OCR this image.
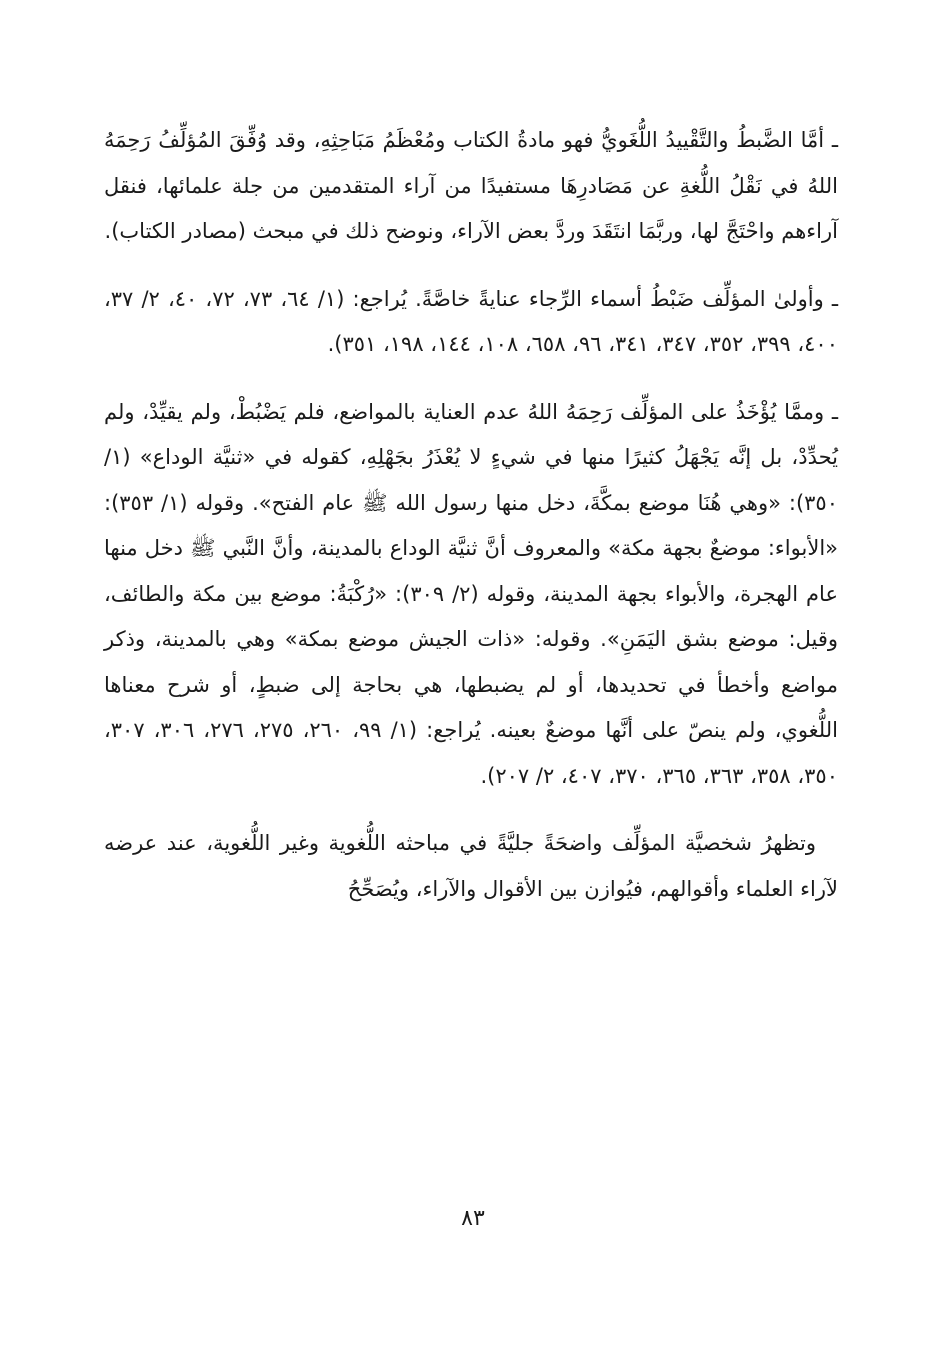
ـ أمَّا الضَّبطُ والتَّقْييدُ اللُّغَويُّ فهو مادةُ الكتاب ومُعْظَمُ مَبَاحِثِهِ، وقد وُفِّقَ المُؤلِّفُ رَحِمَهُ اللهُ في نَقْلُ اللُّغةِ عن مَصَادرِهَا مستفيدًا من آراء المتقدمين من جلة علمائها، فنقل آراءهم واحْتَجَّ لها، وربَّمَا انتَقَدَ وردَّ بعض الآراء، ونوضح ذلك في مبحث (مصادر الكتاب).

ـ وأولىٰ المؤلِّف ضَبْطُ أسماء الرِّجاء عنايةً خاصَّةً. يُراجع: (١/ ٦٤، ٧٣، ٧٢، ٤٠، ٢/ ٣٧، ٤٠٠، ٣٩٩، ٣٥٢، ٣٤٧، ٣٤١، ٩٦، ٦٥٨، ١٠٨، ١٤٤، ١٩٨، ٣٥١).

ـ وممَّا يُؤْخَذُ على المؤلِّف رَحِمَهُ اللهُ عدم العناية بالمواضع، فلم يَضْبُطْ، ولم يقيِّدْ، ولم يُحدِّدْ، بل إنَّه يَجْهَلُ كثيرًا منها في شيءٍ لا يُعْذَرُ بجَهْلِهِ، كقوله في «ثنيَّة الوداع» (١/ ٣٥٠): «وهي هُنَا موضع بمكَّةَ، دخل منها رسول الله ﷺ عام الفتح». وقوله (١/ ٣٥٣): «الأبواء: موضعٌ بجهة مكة» والمعروف أنَّ ثنيَّة الوداع بالمدينة، وأنَّ النَّبي ﷺ دخل منها عام الهجرة، والأبواء بجهة المدينة، وقوله (٢/ ٣٠٩): «رُكْبَةُ: موضع بين مكة والطائف، وقيل: موضع بشق اليَمَنِ». وقوله: «ذات الجيش موضع بمكة» وهي بالمدينة، وذكر مواضع وأخطأ في تحديدها، أو لم يضبطها، هي بحاجة إلى ضبطٍ، أو شرح معناها اللُّغوي، ولم ينصّ على أنَّها موضعٌ بعينه. يُراجع: (١/ ٩٩، ٢٦٠، ٢٧٥، ٢٧٦، ٣٠٦، ٣٠٧، ٣٥٠، ٣٥٨، ٣٦٣، ٣٦٥، ٣٧٠، ٤٠٧، ٢/ ٢٠٧).

وتظهرُ شخصيَّة المؤلِّف واضحَةً جليَّةً في مباحثه اللُّغوية وغير اللُّغوية، عند عرضه لآراء العلماء وأقوالهم، فيُوازن بين الأقوال والآراء، ويُصَحِّحُ

٨٣
